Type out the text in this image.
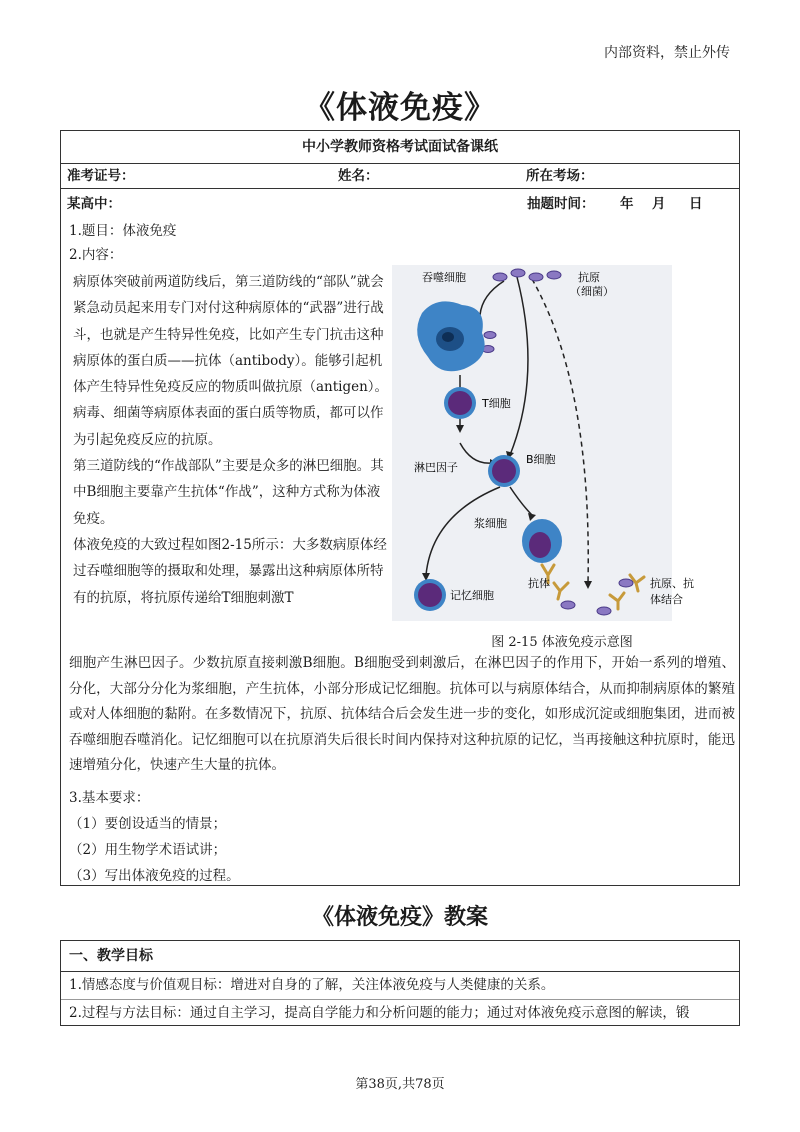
内部资料，禁止外传
《体液免疫》
中小学教师资格考试面试备课纸
准考证号：	姓名：	所在考场：
某高中：	抽题时间： 年 月 日
1.题目：体液免疫
2.内容：

病原体突破前两道防线后，第三道防线的“部队”就会紧急动员起来用专门对付这种病原体的“武器”进行战斗，也就是产生特异性免疫，比如产生专门抗击这种病原体的蛋白质——抗体（antibody）。能够引起机体产生特异性免疫反应的物质叫做抗原（antigen）。病毒、细菌等病原体表面的蛋白质等物质，都可以作为引起免疫反应的抗原。

第三道防线的“作战部队”主要是众多的淋巴细胞。其中B细胞主要靠产生抗体“作战”，这种方式称为体液免疫。

体液免疫的大致过程如图2-15所示：大多数病原体经过吞噬细胞等的摄取和处理，暴露出这种病原体所特有的抗原，将抗原传递给T细胞刺激T

吞噬细胞	抗原
（细菌）
T细胞
淋巴因子
B细胞
浆细胞
记忆细胞
抗体	抗原、抗
体结合
图 2-15 体液免疫示意图

细胞产生淋巴因子。少数抗原直接刺激B细胞。B细胞受到刺激后，在淋巴因子的作用下，开始一系列的增殖、分化，大部分分化为浆细胞，产生抗体，小部分形成记忆细胞。抗体可以与病原体结合，从而抑制病原体的繁殖或对人体细胞的黏附。在多数情况下，抗原、抗体结合后会发生进一步的变化，如形成沉淀或细胞集团，进而被吞噬细胞吞噬消化。记忆细胞可以在抗原消失后很长时间内保持对这种抗原的记忆，当再接触这种抗原时，能迅速增殖分化，快速产生大量的抗体。

3.基本要求：
（1）要创设适当的情景；
（2）用生物学术语试讲；
（3）写出体液免疫的过程。
《体液免疫》教案
一、教学目标
1.情感态度与价值观目标：增进对自身的了解，关注体液免疫与人类健康的关系。
2.过程与方法目标：通过自主学习，提高自学能力和分析问题的能力；通过对体液免疫示意图的解读，锻
第38页,共78页
